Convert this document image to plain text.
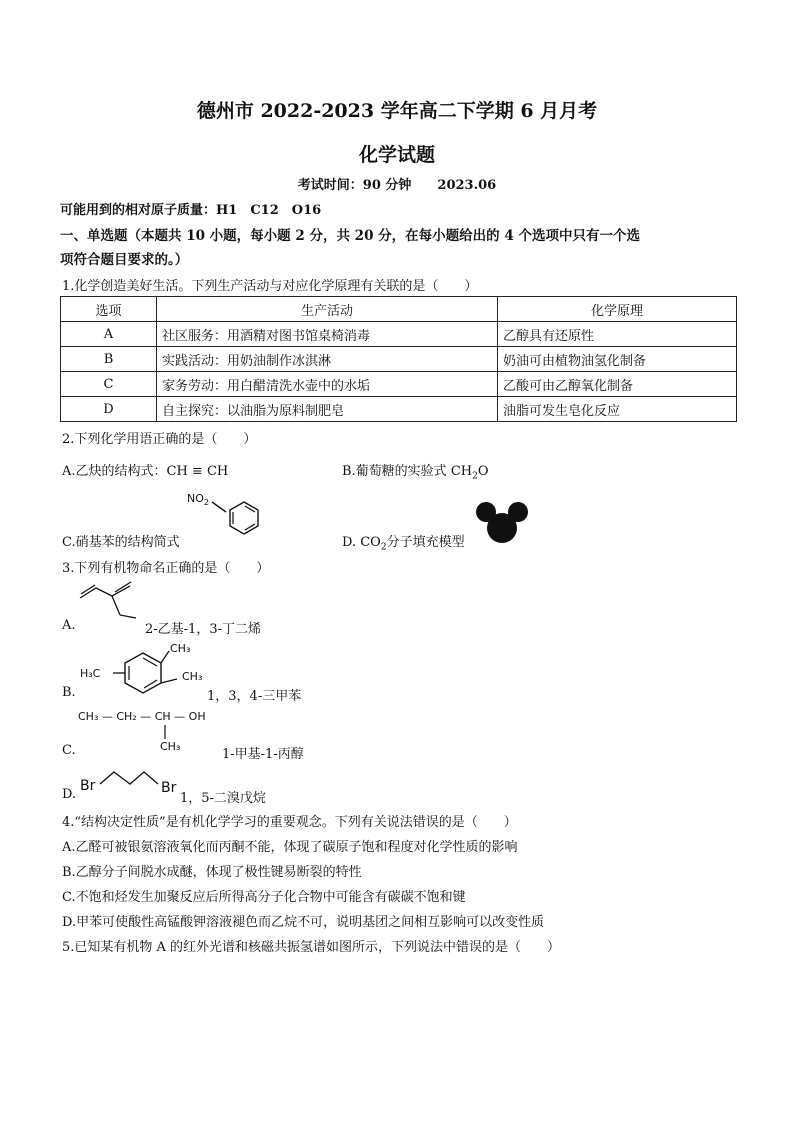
德州市 2022-2023 学年高二下学期 6 月月考
化学试题
考试时间：90 分钟　　2023.06
可能用到的相对原子质量：H1　C12　O16
一、单选题（本题共 10 小题，每小题 2 分，共 20 分，在每小题给出的 4 个选项中只有一个选
项符合题目要求的。）
1.化学创造美好生活。下列生产活动与对应化学原理有关联的是（　　）
选项	生产活动	化学原理
A	社区服务：用酒精对图书馆桌椅消毒	乙醇具有还原性
B	实践活动：用奶油制作冰淇淋	奶油可由植物油氢化制备
C	家务劳动：用白醋清洗水壶中的水垢	乙酸可由乙醇氧化制备
D	自主探究：以油脂为原料制肥皂	油脂可发生皂化反应
2.下列化学用语正确的是（　　）
A.乙炔的结构式：CH ≡ CH	B.葡萄糖的实验式 $CH_2O$
C.硝基苯的结构简式
$NO_2$
D. $CO_2$分子填充模型
3.下列有机物命名正确的是（　　）
A.	2-乙基-1，3-丁二烯
B.
H₃C
CH₃
CH₃
1，3，4-三甲苯
CH₃ — CH₂ — CH — OH
CH₃
C.	1-甲基-1-丙醇
D.
Br	Br
1，5-二溴戊烷
4.“结构决定性质”是有机化学学习的重要观念。下列有关说法错误的是（　　）
A.乙醛可被银氨溶液氧化而丙酮不能，体现了碳原子饱和程度对化学性质的影响
B.乙醇分子间脱水成醚，体现了极性键易断裂的特性
C.不饱和烃发生加聚反应后所得高分子化合物中可能含有碳碳不饱和键
D.甲苯可使酸性高锰酸钾溶液褪色而乙烷不可，说明基团之间相互影响可以改变性质
5.已知某有机物 A 的红外光谱和核磁共振氢谱如图所示，下列说法中错误的是（　　）
